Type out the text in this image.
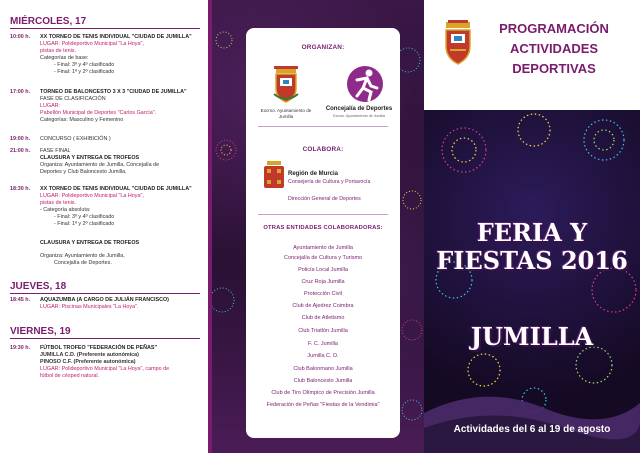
MIÉRCOLES, 17
10:00 h. XX TORNEO DE TENIS INDIVIDUAL "CIUDAD DE JUMILLA"
LUGAR: Polideportivo Municipal "La Hoya",
pistas de tenis.
Categorías de base:
- Final: 3º y 4º clasificado
- Final: 1º y 2º clasificado
17:00 h. TORNEO DE BALONCESTO 3 X 3 "CIUDAD DE JUMILLA"
FASE DE CLASIFICACIÓN
LUGAR:
Pabellón Municipal de Deportes "Carlos García".
Categorías: Masculino y Femenino
19:00 h. CONCURSO ( EXHIBICIÓN )
21:00 h. FASE FINAL
CLAUSURA Y ENTREGA DE TROFEOS
Organiza: Ayuntamiento de Jumilla, Concejalía de
Deportes y Club Baloncesto Jumilla.
18:30 h. XX TORNEO DE TENIS INDIVIDUAL "CIUDAD DE JUMILLA"
LUGAR: Polideportivo Municipal "La Hoya",
pistas de tenis.
- Categoría absoluta:
- Final: 3º y 4º clasificado
- Final: 1º y 2º clasificado
CLAUSURA Y ENTREGA DE TROFEOS
Organiza: Ayuntamiento de Jumilla,
Concejalía de Deportes.
JUEVES, 18
18:45 h. AQUAZUMBA (A CARGO DE JULIÁN FRANCISCO)
LUGAR: Piscinas Municipales "La Hoya".
VIERNES, 19
19:30 h. FÚTBOL TROFEO "FEDERACIÓN DE PEÑAS"
JUMILLA C.D. (Preferente autonómica)
PINOSO C.F. (Preferente autonómica)
LUGAR: Polideportivo Municipal "La Hoya", campo de
fútbol de césped natural.
ORGANIZAN:
Excmo. Ayuntamiento de
Jumilla
Concejalía de Deportes
Excmo. Ayuntamiento de Jumilla
COLABORA:
Región de Murcia
Consejería de Cultura y Portavocía
Dirección General de Deportes
OTRAS ENTIDADES COLABORADORAS:
Ayuntamiento de Jumilla
Concejalía de Cultura y Turismo
Policía Local Jumilla
Cruz Roja Jumilla
Protección Civil
Club de Ajedrez Coimbra
Club de Atletismo
Club Triatlón Jumilla
F. C. Jumilla
Jumilla C. D.
Club Balonmano Jumilla
Club Baloncesto Jumilla
Club de Tiro Olímpico de Precisión Jumilla
Federación de Peñas "Fiestas de la Vendimia"
PROGRAMACIÓN
ACTIVIDADES
DEPORTIVAS
FERIA Y
FIESTAS 2016
JUMILLA
Actividades del 6 al 19 de agosto
